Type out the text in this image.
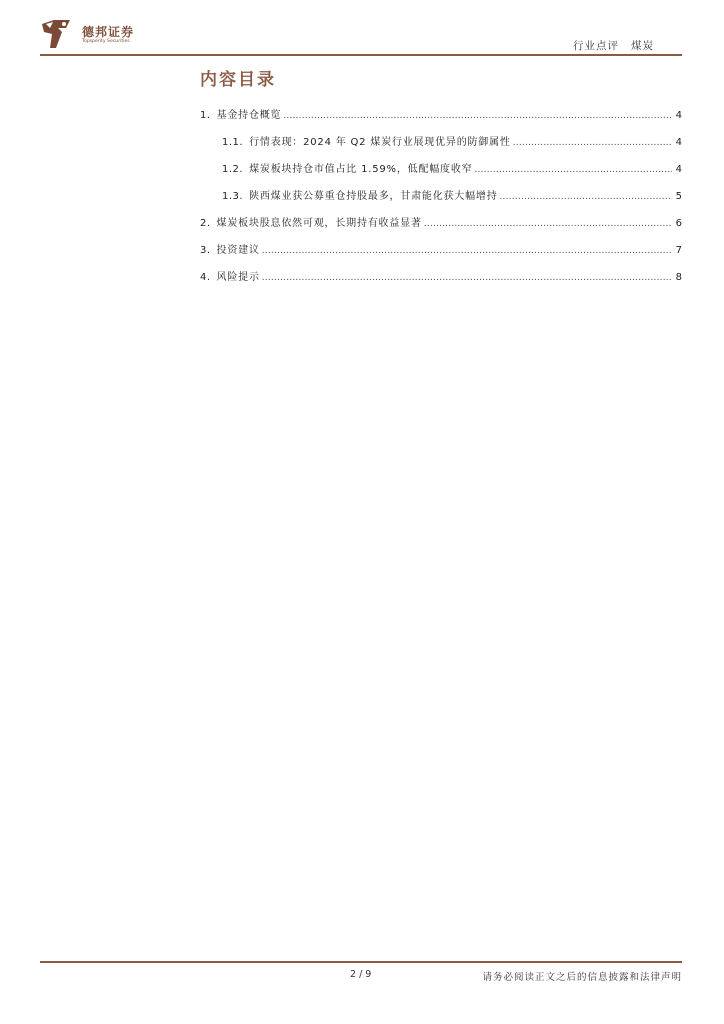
德邦证券
Topsperity Securities	行业点评 煤炭
内容目录
1. 基金持仓概览 .....	4
1.1. 行情表现：2024 年 Q2 煤炭行业展现优异的防御属性 .....	4
1.2. 煤炭板块持仓市值占比 1.59%，低配幅度收窄 .....	4
1.3. 陕西煤业获公募重仓持股最多，甘肃能化获大幅增持 .....	5
2. 煤炭板块股息依然可观，长期持有收益显著 .....	6
3. 投资建议 .....	7
4. 风险提示 .....	8
2 / 9	请务必阅读正文之后的信息披露和法律声明
